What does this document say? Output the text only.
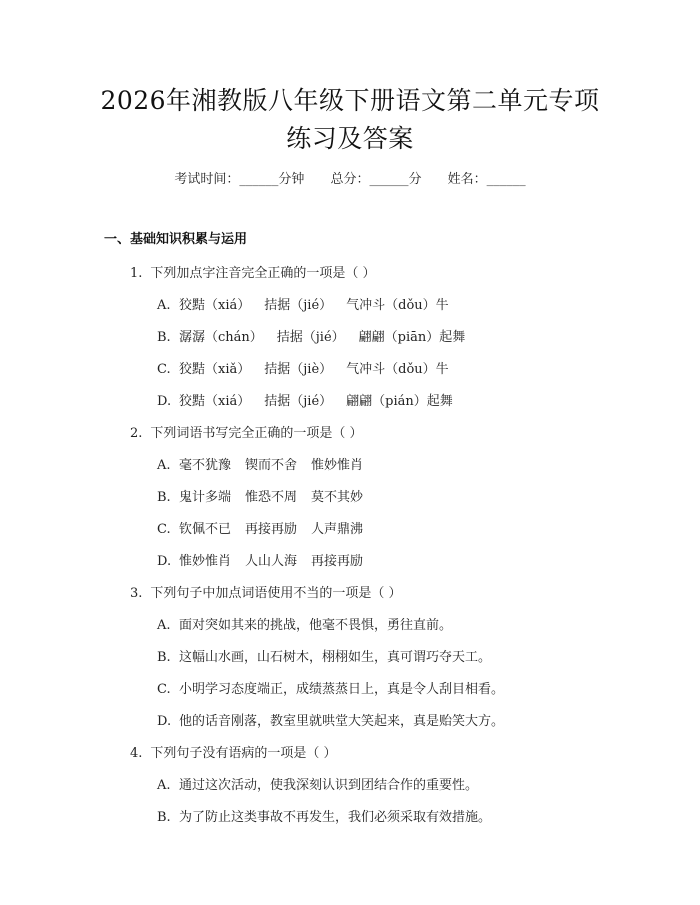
2026年湘教版八年级下册语文第二单元专项
练习及答案
考试时间：______分钟 总分：______分 姓名：______
一、基础知识积累与运用
1. 下列加点字注音完全正确的一项是（ ）
A. 狡黠（xiá） 拮据（jié） 气冲斗（dǒu）牛
B. 潺潺（chán） 拮据（jié） 翩翩（piān）起舞
C. 狡黠（xiǎ） 拮据（jiè） 气冲斗（dǒu）牛
D. 狡黠（xiá） 拮据（jié） 翩翩（pián）起舞
2. 下列词语书写完全正确的一项是（ ）
A. 毫不犹豫 锲而不舍 惟妙惟肖
B. 鬼计多端 惟恐不周 莫不其妙
C. 钦佩不已 再接再励 人声鼎沸
D. 惟妙惟肖 人山人海 再接再励
3. 下列句子中加点词语使用不当的一项是（ ）
A. 面对突如其来的挑战，他毫不畏惧，勇往直前。
B. 这幅山水画，山石树木，栩栩如生，真可谓巧夺天工。
C. 小明学习态度端正，成绩蒸蒸日上，真是令人刮目相看。
D. 他的话音刚落，教室里就哄堂大笑起来，真是贻笑大方。
4. 下列句子没有语病的一项是（ ）
A. 通过这次活动，使我深刻认识到团结合作的重要性。
B. 为了防止这类事故不再发生，我们必须采取有效措施。
